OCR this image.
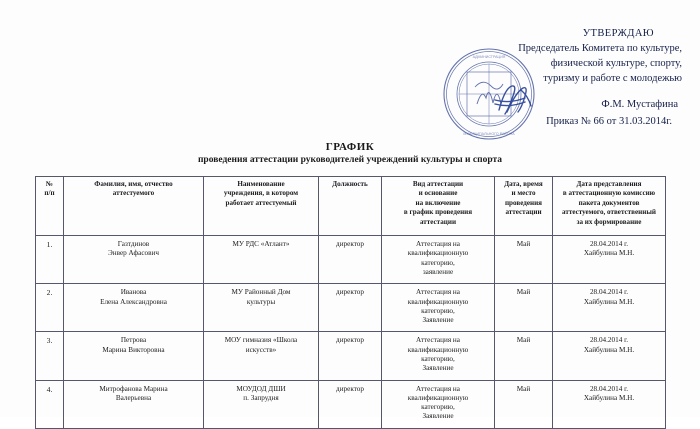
УТВЕРЖДАЮ
Председатель Комитета по культуре,
физической культуре, спорту,
туризму и работе с молодежью
Ф.М. Мустафина
Приказ № 66 от 31.03.2014г.
АДМИНИСТРАЦИЯ
МУНИЦИПАЛЬНОГО РАЙОНА
ГРАФИК
проведения аттестации руководителей учреждений культуры и спорта
№
п/п	Фамилия, имя, отчество
аттестуемого	Наименование
учреждения, в котором
работает аттестуемый	Должность	Вид аттестации
и основание
на включение
в график проведения
аттестации	Дата, время
и место
проведения
аттестации	Дата представления
в аттестационную комиссию
пакета документов
аттестуемого, ответственный
за их формирование
1.	Газтдинов
Энвер Афасович	МУ РДС «Атлант»	директор	Аттестация на
квалификационную
категорию,
заявление	Май	28.04.2014 г.
Хайбулина М.Н.
2.	Иванова
Елена Александровна	МУ Районный Дом
культуры	директор	Аттестация на
квалификационную
категорию,
Заявление	Май	28.04.2014 г.
Хайбулина М.Н.
3.	Петрова
Марина Викторовна	МОУ гимназия «Школа
искусств»	директор	Аттестация на
квалификационную
категорию,
Заявление	Май	28.04.2014 г.
Хайбулина М.Н.
4.	Митрофанова Марина
Валерьевна	МОУДОД ДШИ
п. Запрудня	директор	Аттестация на
квалификационную
категорию,
Заявление	Май	28.04.2014 г.
Хайбулина М.Н.
